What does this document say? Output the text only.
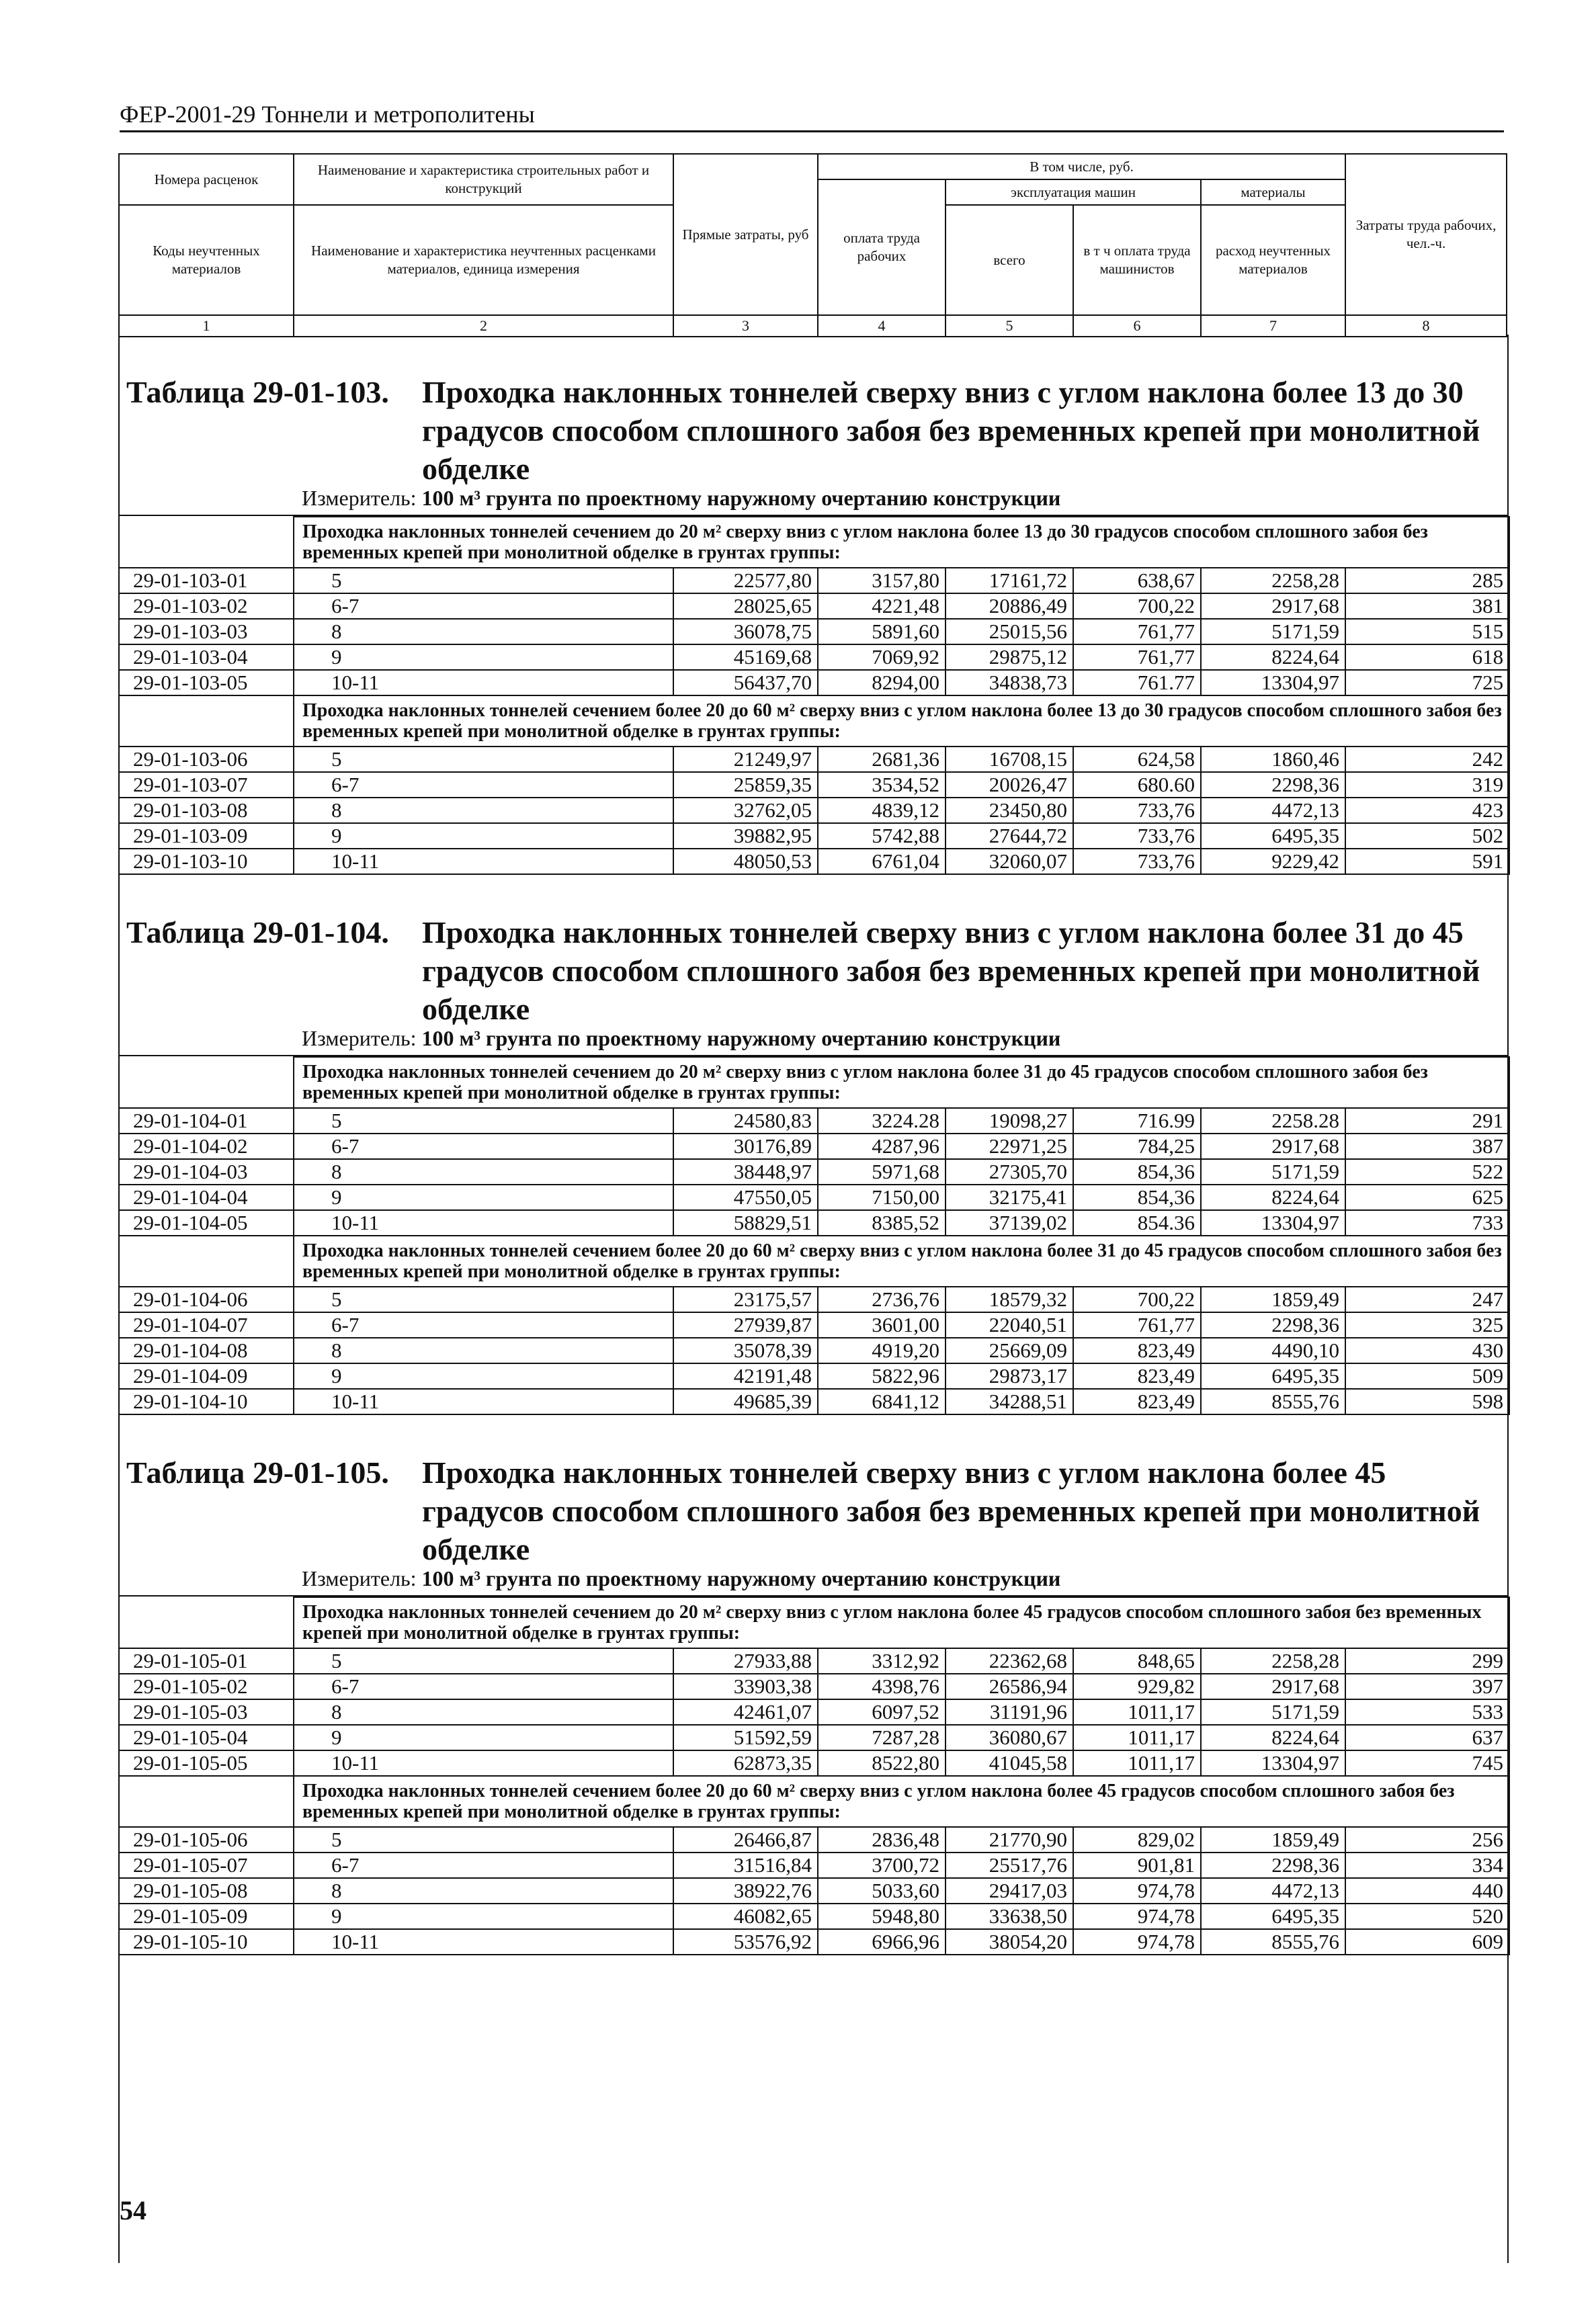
ФЕР-2001-29 Тоннели и метрополитены
Номера расценок	Наименование и характеристика строительных работ и конструкций	Прямые затраты, руб	В том числе, руб.				Затраты труда рабочих, чел.-ч.
			оплата труда рабочих	эксплуатация машин		материалы	
Коды неучтенных материалов	Наименование и характеристика неучтенных расценками материалов, единица измерения			всего	в т ч оплата труда машинистов	расход неучтенных материалов	

1	2	3	4	5	6	7	8
Таблица 29-01-103.	Проходка наклонных тоннелей сверху вниз с углом наклона более 13 до 30 градусов способом сплошного забоя без временных крепей при монолитной обделке
Измеритель: 100 м³ грунта по проектному наружному очертанию конструкции
	Проходка наклонных тоннелей сечением до 20 м² сверху вниз с углом наклона более 13 до 30 градусов способом сплошного забоя без временных крепей при монолитной обделке в грунтах группы:						
29-01-103-01	5	22577,80	3157,80	17161,72	638,67	2258,28	285
29-01-103-02	6-7	28025,65	4221,48	20886,49	700,22	2917,68	381
29-01-103-03	8	36078,75	5891,60	25015,56	761,77	5171,59	515
29-01-103-04	9	45169,68	7069,92	29875,12	761,77	8224,64	618
29-01-103-05	10-11	56437,70	8294,00	34838,73	761.77	13304,97	725
	Проходка наклонных тоннелей сечением более 20 до 60 м² сверху вниз с углом наклона более 13 до 30 градусов способом сплошного забоя без временных крепей при монолитной обделке в грунтах группы:						
29-01-103-06	5	21249,97	2681,36	16708,15	624,58	1860,46	242
29-01-103-07	6-7	25859,35	3534,52	20026,47	680.60	2298,36	319
29-01-103-08	8	32762,05	4839,12	23450,80	733,76	4472,13	423
29-01-103-09	9	39882,95	5742,88	27644,72	733,76	6495,35	502
29-01-103-10	10-11	48050,53	6761,04	32060,07	733,76	9229,42	591
Таблица 29-01-104.	Проходка наклонных тоннелей сверху вниз с углом наклона более 31 до 45 градусов способом сплошного забоя без временных крепей при монолитной обделке
Измеритель: 100 м³ грунта по проектному наружному очертанию конструкции
	Проходка наклонных тоннелей сечением до 20 м² сверху вниз с углом наклона более 31 до 45 градусов способом сплошного забоя без временных крепей при монолитной обделке в грунтах группы:						
29-01-104-01	5	24580,83	3224.28	19098,27	716.99	2258.28	291
29-01-104-02	6-7	30176,89	4287,96	22971,25	784,25	2917,68	387
29-01-104-03	8	38448,97	5971,68	27305,70	854,36	5171,59	522
29-01-104-04	9	47550,05	7150,00	32175,41	854,36	8224,64	625
29-01-104-05	10-11	58829,51	8385,52	37139,02	854.36	13304,97	733
	Проходка наклонных тоннелей сечением более 20 до 60 м² сверху вниз с углом наклона более 31 до 45 градусов способом сплошного забоя без временных крепей при монолитной обделке в грунтах группы:						
29-01-104-06	5	23175,57	2736,76	18579,32	700,22	1859,49	247
29-01-104-07	6-7	27939,87	3601,00	22040,51	761,77	2298,36	325
29-01-104-08	8	35078,39	4919,20	25669,09	823,49	4490,10	430
29-01-104-09	9	42191,48	5822,96	29873,17	823,49	6495,35	509
29-01-104-10	10-11	49685,39	6841,12	34288,51	823,49	8555,76	598
Таблица 29-01-105.	Проходка наклонных тоннелей сверху вниз с углом наклона более 45 градусов способом сплошного забоя без временных крепей при монолитной обделке
Измеритель: 100 м³ грунта по проектному наружному очертанию конструкции
	Проходка наклонных тоннелей сечением до 20 м² сверху вниз с углом наклона более 45 градусов способом сплошного забоя без временных крепей при монолитной обделке в грунтах группы:						
29-01-105-01	5	27933,88	3312,92	22362,68	848,65	2258,28	299
29-01-105-02	6-7	33903,38	4398,76	26586,94	929,82	2917,68	397
29-01-105-03	8	42461,07	6097,52	31191,96	1011,17	5171,59	533
29-01-105-04	9	51592,59	7287,28	36080,67	1011,17	8224,64	637
29-01-105-05	10-11	62873,35	8522,80	41045,58	1011,17	13304,97	745
	Проходка наклонных тоннелей сечением более 20 до 60 м² сверху вниз с углом наклона более 45 градусов способом сплошного забоя без временных крепей при монолитной обделке в грунтах группы:						
29-01-105-06	5	26466,87	2836,48	21770,90	829,02	1859,49	256
29-01-105-07	6-7	31516,84	3700,72	25517,76	901,81	2298,36	334
29-01-105-08	8	38922,76	5033,60	29417,03	974,78	4472,13	440
29-01-105-09	9	46082,65	5948,80	33638,50	974,78	6495,35	520
29-01-105-10	10-11	53576,92	6966,96	38054,20	974,78	8555,76	609
54
